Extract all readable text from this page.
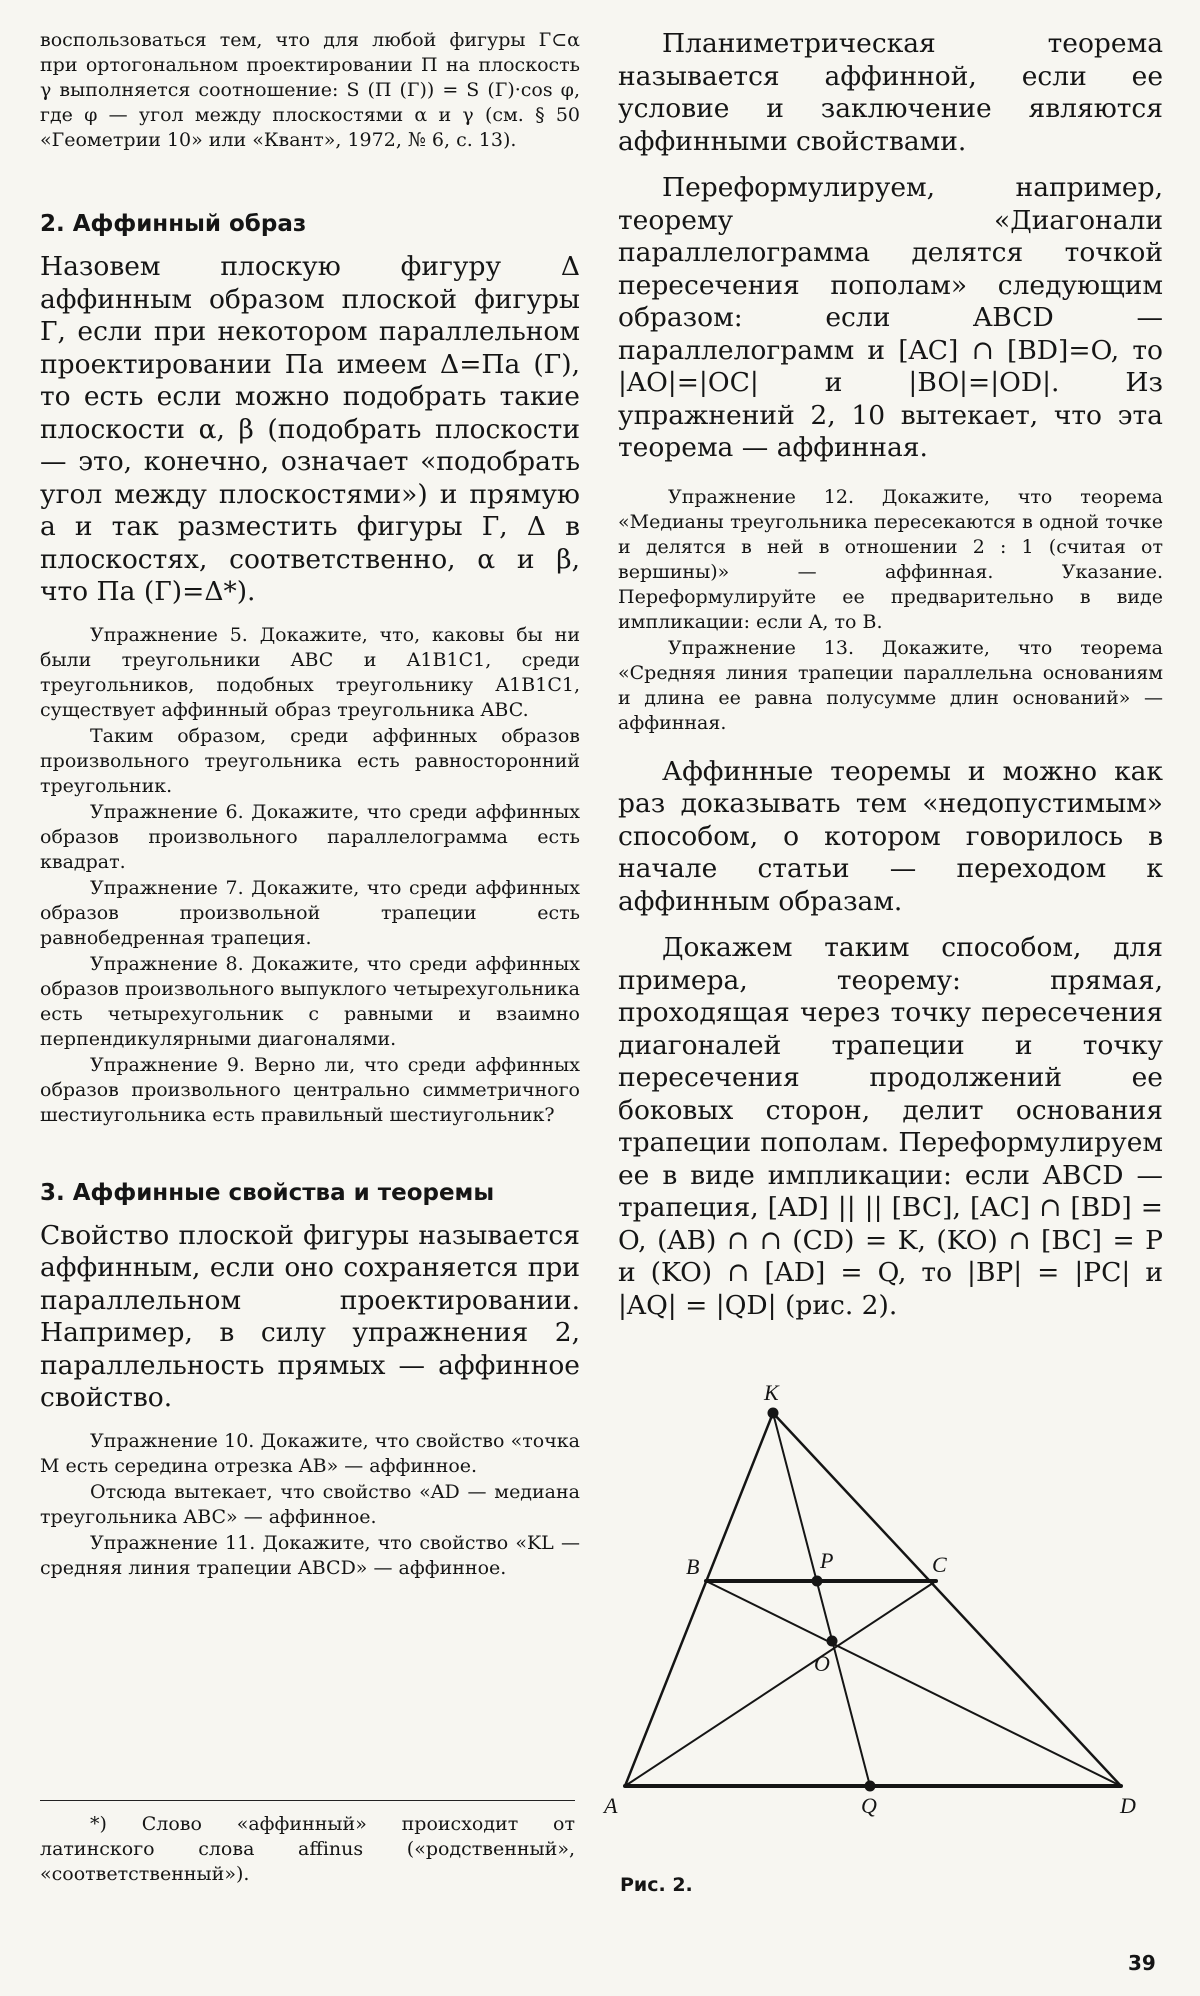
воспользоваться тем, что для любой фигуры Г⊂α при ортогональном проектировании П на плоскость γ выполняется соотношение: S (П (Г)) = S (Г)·cos φ, где φ — угол между плоскостями α и γ (см. § 50 «Геометрии 10» или «Квант», 1972, № 6, с. 13).

2. Аффинный образ

Назовем плоскую фигуру Δ аффинным образом плоской фигуры Г, если при некотором параллельном проектировании Пa имеем Δ=Пa (Г), то есть если можно подобрать такие плоскости α, β (подобрать плоскости — это, конечно, означает «подобрать угол между плоскостями») и прямую a и так разместить фигуры Г, Δ в плоскостях, соответственно, α и β, что Пa (Г)=Δ*).

Упражнение 5. Докажите, что, каковы бы ни были треугольники ABC и A1B1C1, среди треугольников, подобных треугольнику A1B1C1, существует аффинный образ треугольника ABC.

Таким образом, среди аффинных образов произвольного треугольника есть равносторонний треугольник.

Упражнение 6. Докажите, что среди аффинных образов произвольного параллелограмма есть квадрат.

Упражнение 7. Докажите, что среди аффинных образов произвольной трапеции есть равнобедренная трапеция.

Упражнение 8. Докажите, что среди аффинных образов произвольного выпуклого четырехугольника есть четырехугольник с равными и взаимно перпендикулярными диагоналями.

Упражнение 9. Верно ли, что среди аффинных образов произвольного центрально симметричного шестиугольника есть правильный шестиугольник?

3. Аффинные свойства и теоремы

Свойство плоской фигуры называется аффинным, если оно сохраняется при параллельном проектировании. Например, в силу упражнения 2, параллельность прямых — аффинное свойство.

Упражнение 10. Докажите, что свойство «точка M есть середина отрезка AB» — аффинное.

Отсюда вытекает, что свойство «AD — медиана треугольника ABC» — аффинное.

Упражнение 11. Докажите, что свойство «KL — средняя линия трапеции ABCD» — аффинное.

*) Слово «аффинный» происходит от латинского слова affinus («родственный», «соответственный»).

Планиметрическая теорема называется аффинной, если ее условие и заключение являются аффинными свойствами.

Переформулируем, например, теорему «Диагонали параллелограмма делятся точкой пересечения пополам» следующим образом: если ABCD — параллелограмм и [AC] ∩ [BD]=O, то |AO|=|OC| и |BO|=|OD|. Из упражнений 2, 10 вытекает, что эта теорема — аффинная.

Упражнение 12. Докажите, что теорема «Медианы треугольника пересекаются в одной точке и делятся в ней в отношении 2 : 1 (считая от вершины)» — аффинная. Указание. Переформулируйте ее предварительно в виде импликации: если A, то B.

Упражнение 13. Докажите, что теорема «Средняя линия трапеции параллельна основаниям и длина ее равна полусумме длин оснований» — аффинная.

Аффинные теоремы и можно как раз доказывать тем «недопустимым» способом, о котором говорилось в начале статьи — переходом к аффинным образам.

Докажем таким способом, для примера, теорему: прямая, проходящая через точку пересечения диагоналей трапеции и точку пересечения продолжений ее боковых сторон, делит основания трапеции пополам. Переформулируем ее в виде импликации: если ABCD — трапеция, [AD] || || [BC], [AC] ∩ [BD] = O, (AB) ∩ ∩ (CD) = K, (KO) ∩ [BC] = P и (KO) ∩ [AD] = Q, то |BP| = |PC| и |AQ| = |QD| (рис. 2).

K
B	P	C
O
A	Q	D
Рис. 2.
39
